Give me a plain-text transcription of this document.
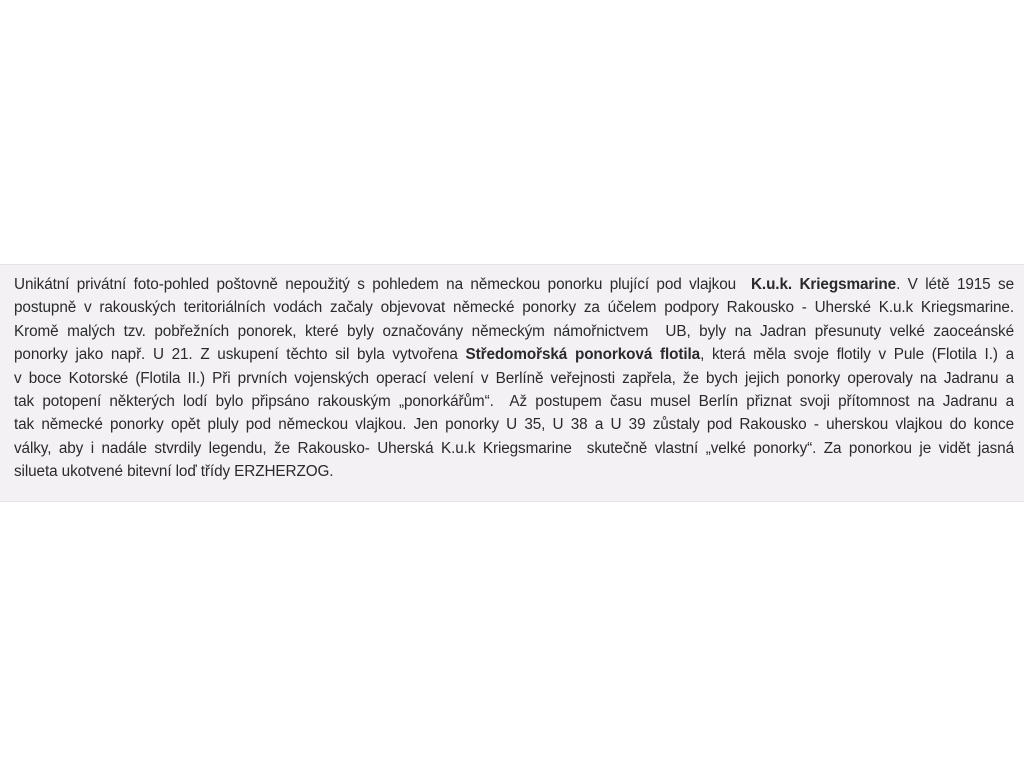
Unikátní privátní foto-pohled poštovně nepoužitý s pohledem na německou ponorku plující pod vlajkou  K.u.k. Kriegsmarine. V létě 1915 se
postupně v rakouských teritoriálních vodách začaly objevovat německé ponorky za účelem podpory Rakousko - Uherské K.u.k Kriegsmarine.
Kromě malých tzv. pobřežních ponorek, které byly označovány německým námořnictvem  UB, byly na Jadran přesunuty velké zaoceánské
ponorky jako např. U 21. Z uskupení těchto sil byla vytvořena Středomořská ponorková flotila, která měla svoje flotily v Pule (Flotila I.) a
v boce Kotorské (Flotila II.) Při prvních vojenských operací velení v Berlíně veřejnosti zapřela, že bych jejich ponorky operovaly na Jadranu a
tak potopení některých lodí bylo připsáno rakouským „ponorkářům“.  Až postupem času musel Berlín přiznat svoji přítomnost na Jadranu a
tak německé ponorky opět pluly pod německou vlajkou. Jen ponorky U 35, U 38 a U 39 zůstaly pod Rakousko - uherskou vlajkou do konce
války, aby i nadále stvrdily legendu, že Rakousko- Uherská K.u.k Kriegsmarine  skutečně vlastní „velké ponorky“. Za ponorkou je vidět jasná
silueta ukotvené bitevní loď třídy ERZHERZOG.
